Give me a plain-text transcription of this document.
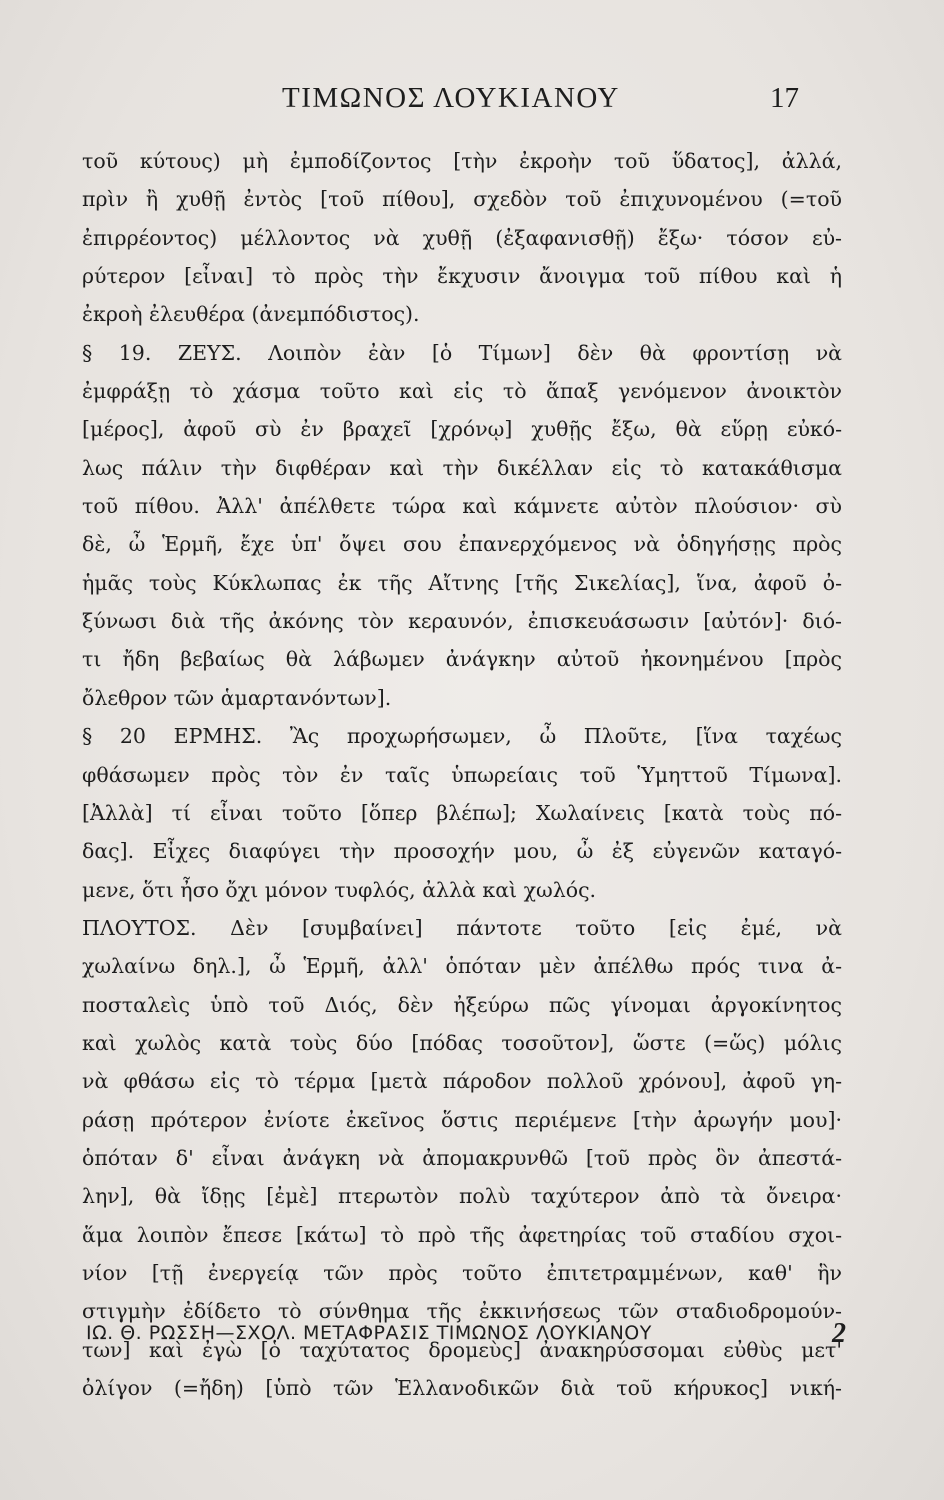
ΤΙΜΩΝΟΣ ΛΟΥΚΙΑΝΟΥ	17
τοῦ κύτους) μὴ ἐμποδίζοντος [τὴν ἐκροὴν τοῦ ὕδατος], ἀλλά,
πρὶν ἢ χυθῇ ἐντὸς [τοῦ πίθου], σχεδὸν τοῦ ἐπιχυνομένου (=τοῦ
ἐπιρρέοντος) μέλλοντος νὰ χυθῇ (ἐξαφανισθῇ) ἔξω· τόσον εὐ-
ρύτερον [εἶναι] τὸ πρὸς τὴν ἔκχυσιν ἄνοιγμα τοῦ πίθου καὶ ἡ
ἐκροὴ ἐλευθέρα (ἀνεμπόδιστος).
§ 19. ΖΕΥΣ. Λοιπὸν ἐὰν [ὁ Τίμων] δὲν θὰ φροντίσῃ νὰ
ἐμφράξῃ τὸ χάσμα τοῦτο καὶ εἰς τὸ ἅπαξ γενόμενον ἀνοικτὸν
[μέρος], ἀφοῦ σὺ ἐν βραχεῖ [χρόνῳ] χυθῇς ἔξω, θὰ εὕρῃ εὐκό-
λως πάλιν τὴν διφθέραν καὶ τὴν δικέλλαν εἰς τὸ κατακάθισμα
τοῦ πίθου. Ἀλλ' ἀπέλθετε τώρα καὶ κάμνετε αὐτὸν πλούσιον· σὺ
δὲ, ὦ Ἑρμῆ, ἔχε ὑπ' ὄψει σου ἐπανερχόμενος νὰ ὁδηγήσῃς πρὸς
ἡμᾶς τοὺς Κύκλωπας ἐκ τῆς Αἴτνης [τῆς Σικελίας], ἵνα, ἀφοῦ ὀ-
ξύνωσι διὰ τῆς ἀκόνης τὸν κεραυνόν, ἐπισκευάσωσιν [αὐτόν]· διό-
τι ἤδη βεβαίως θὰ λάβωμεν ἀνάγκην αὐτοῦ ἠκονημένου [πρὸς
ὄλεθρον τῶν ἁμαρτανόντων].
§ 20 ΕΡΜΗΣ. Ἂς προχωρήσωμεν, ὦ Πλοῦτε, [ἵνα ταχέως
φθάσωμεν πρὸς τὸν ἐν ταῖς ὑπωρείαις τοῦ Ὑμηττοῦ Τίμωνα].
[Ἀλλὰ] τί εἶναι τοῦτο [ὅπερ βλέπω]; Χωλαίνεις [κατὰ τοὺς πό-
δας]. Εἶχες διαφύγει τὴν προσοχήν μου, ὦ ἐξ εὐγενῶν καταγό-
μενε, ὅτι ἦσο ὄχι μόνον τυφλός, ἀλλὰ καὶ χωλός.
ΠΛΟΥΤΟΣ. Δὲν [συμβαίνει] πάντοτε τοῦτο [εἰς ἐμέ, νὰ
χωλαίνω δηλ.], ὦ Ἑρμῆ, ἀλλ' ὁπόταν μὲν ἀπέλθω πρός τινα ἀ-
ποσταλεὶς ὑπὸ τοῦ Διός, δὲν ἠξεύρω πῶς γίνομαι ἀργοκίνητος
καὶ χωλὸς κατὰ τοὺς δύο [πόδας τοσοῦτον], ὥστε (=ὥς) μόλις
νὰ φθάσω εἰς τὸ τέρμα [μετὰ πάροδον πολλοῦ χρόνου], ἀφοῦ γη-
ράσῃ πρότερον ἐνίοτε ἐκεῖνος ὅστις περιέμενε [τὴν ἀρωγήν μου]·
ὁπόταν δ' εἶναι ἀνάγκη νὰ ἀπομακρυνθῶ [τοῦ πρὸς ὃν ἀπεστά-
λην], θὰ ἴδῃς [ἐμὲ] πτερωτὸν πολὺ ταχύτερον ἀπὸ τὰ ὄνειρα·
ἅμα λοιπὸν ἔπεσε [κάτω] τὸ πρὸ τῆς ἀφετηρίας τοῦ σταδίου σχοι-
νίον [τῇ ἐνεργείᾳ τῶν πρὸς τοῦτο ἐπιτετραμμένων, καθ' ἣν
στιγμὴν ἐδίδετο τὸ σύνθημα τῆς ἐκκινήσεως τῶν σταδιοδρομούν-
των] καὶ ἐγὼ [ὁ ταχύτατος δρομεὺς] ἀνακηρύσσομαι εὐθὺς μετ'
ὀλίγον (=ἤδη) [ὑπὸ τῶν Ἑλλανοδικῶν διὰ τοῦ κήρυκος] νική-
ΙΩ. Θ. ΡΩΣΣΗ—ΣΧΟΛ. ΜΕΤΑΦΡΑΣΙΣ ΤΙΜΩΝΟΣ ΛΟΥΚΙΑΝΟΥ	2
